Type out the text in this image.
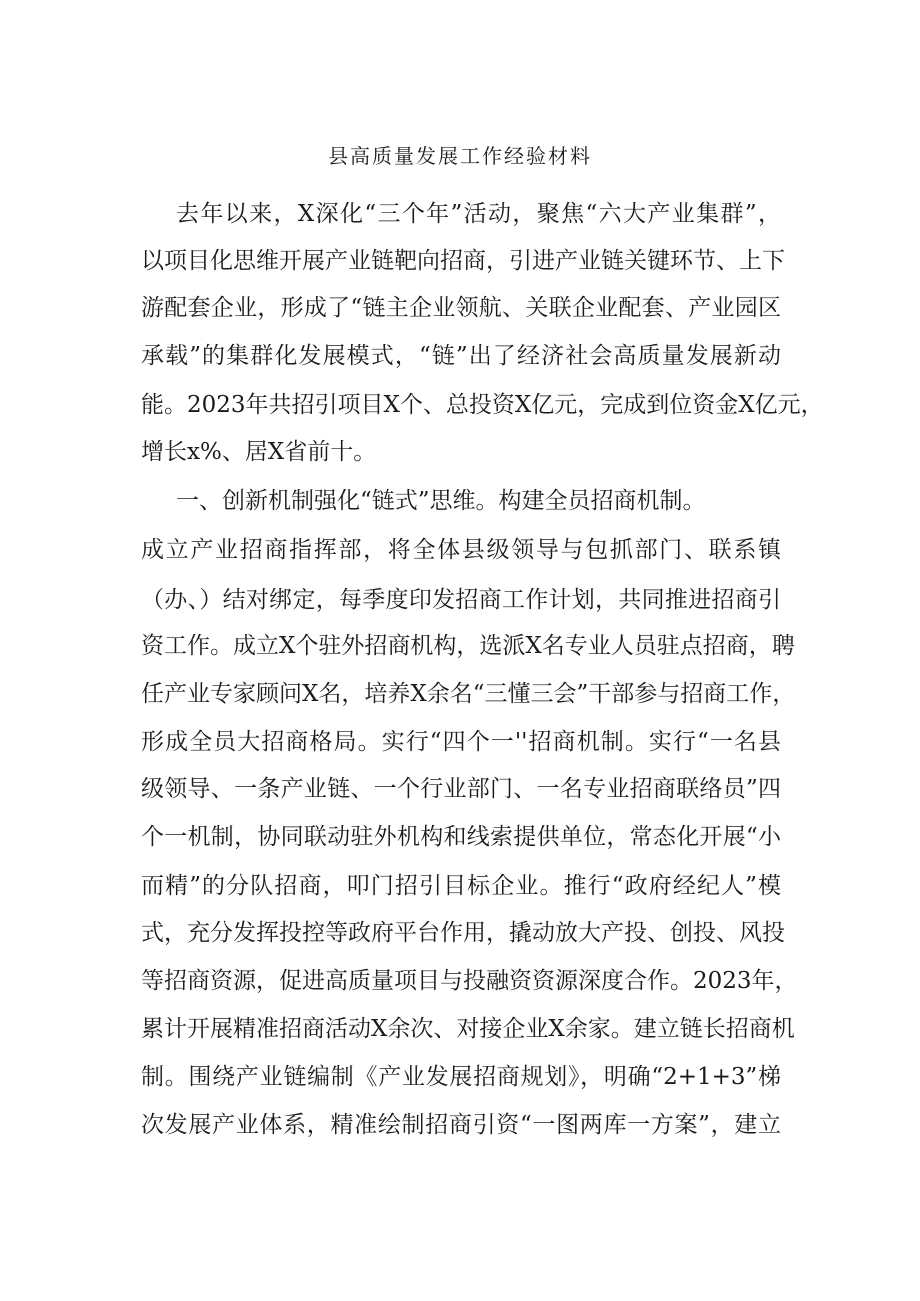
县高质量发展工作经验材料
去年以来，X深化“三个年”活动，聚焦“六大产业集群”，
以项目化思维开展产业链靶向招商，引进产业链关键环节、上下
游配套企业，形成了“链主企业领航、关联企业配套、产业园区
承载”的集群化发展模式，“链”出了经济社会高质量发展新动
能。2023年共招引项目X个、总投资X亿元，完成到位资金X亿元，
增长x%、居X省前十。
一、创新机制强化“链式”思维。构建全员招商机制。
成立产业招商指挥部，将全体县级领导与包抓部门、联系镇
（办、）结对绑定，每季度印发招商工作计划，共同推进招商引
资工作。成立X个驻外招商机构，选派X名专业人员驻点招商，聘
任产业专家顾问X名，培养X余名“三懂三会”干部参与招商工作，
形成全员大招商格局。实行“四个一''招商机制。实行“一名县
级领导、一条产业链、一个行业部门、一名专业招商联络员”四
个一机制，协同联动驻外机构和线索提供单位，常态化开展“小
而精”的分队招商，叩门招引目标企业。推行“政府经纪人”模
式，充分发挥投控等政府平台作用，撬动放大产投、创投、风投
等招商资源，促进高质量项目与投融资资源深度合作。2023年，
累计开展精准招商活动X余次、对接企业X余家。建立链长招商机
制。围绕产业链编制《产业发展招商规划》，明确“2+1+3”梯
次发展产业体系，精准绘制招商引资“一图两库一方案”，建立
